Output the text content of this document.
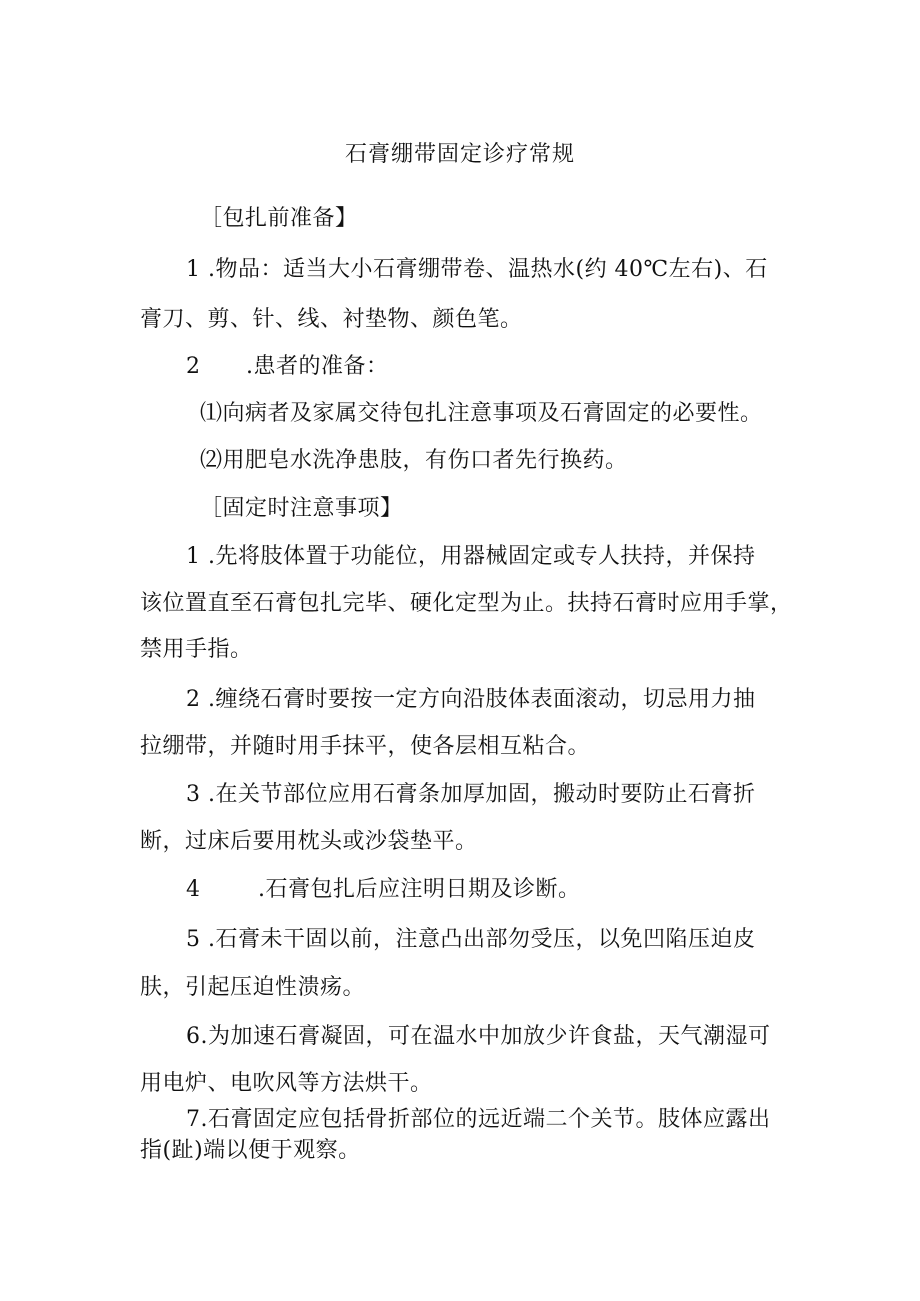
石膏绷带固定诊疗常规
［包扎前准备】
1 .物品：适当大小石膏绷带卷、温热水(约 40℃左右)、石
膏刀、剪、针、线、衬垫物、颜色笔。
2 .患者的准备：
⑴向病者及家属交待包扎注意事项及石膏固定的必要性。
⑵用肥皂水洗净患肢，有伤口者先行换药。
［固定时注意事项】
1 .先将肢体置于功能位，用器械固定或专人扶持，并保持
该位置直至石膏包扎完毕、硬化定型为止。扶持石膏时应用手掌，
禁用手指。
2 .缠绕石膏时要按一定方向沿肢体表面滚动，切忌用力抽
拉绷带，并随时用手抹平，使各层相互粘合。
3 .在关节部位应用石膏条加厚加固，搬动时要防止石膏折
断，过床后要用枕头或沙袋垫平。
4	.石膏包扎后应注明日期及诊断。
5 .石膏未干固以前，注意凸出部勿受压，以免凹陷压迫皮
肤，引起压迫性溃疡。
6.为加速石膏凝固，可在温水中加放少许食盐，天气潮湿可
用电炉、电吹风等方法烘干。
7.石膏固定应包括骨折部位的远近端二个关节。肢体应露出
指(趾)端以便于观察。
